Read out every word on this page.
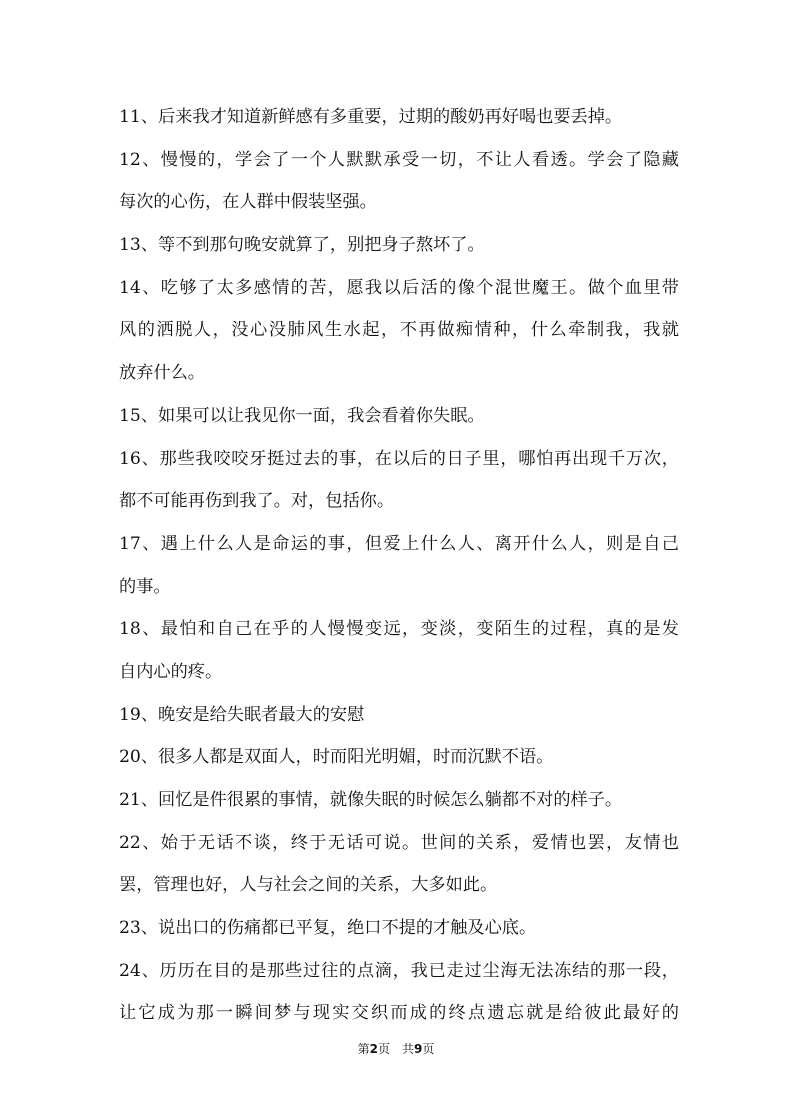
11、后来我才知道新鲜感有多重要，过期的酸奶再好喝也要丢掉。
12、慢慢的，学会了一个人默默承受一切，不让人看透。学会了隐藏
每次的心伤，在人群中假装坚强。
13、等不到那句晚安就算了，别把身子熬坏了。
14、吃够了太多感情的苦，愿我以后活的像个混世魔王。做个血里带
风的洒脱人，没心没肺风生水起，不再做痴情种，什么牵制我，我就
放弃什么。
15、如果可以让我见你一面，我会看着你失眠。
16、那些我咬咬牙挺过去的事，在以后的日子里，哪怕再出现千万次，
都不可能再伤到我了。对，包括你。
17、遇上什么人是命运的事，但爱上什么人、离开什么人，则是自己
的事。
18、最怕和自己在乎的人慢慢变远，变淡，变陌生的过程，真的是发
自内心的疼。
19、晚安是给失眠者最大的安慰
20、很多人都是双面人，时而阳光明媚，时而沉默不语。
21、回忆是件很累的事情，就像失眠的时候怎么躺都不对的样子。
22、始于无话不谈，终于无话可说。世间的关系，爱情也罢，友情也
罢，管理也好，人与社会之间的关系，大多如此。
23、说出口的伤痛都已平复，绝口不提的才触及心底。
24、历历在目的是那些过往的点滴，我已走过尘海无法冻结的那一段，
让它成为那一瞬间梦与现实交织而成的终点遗忘就是给彼此最好的
第2页 共9页
